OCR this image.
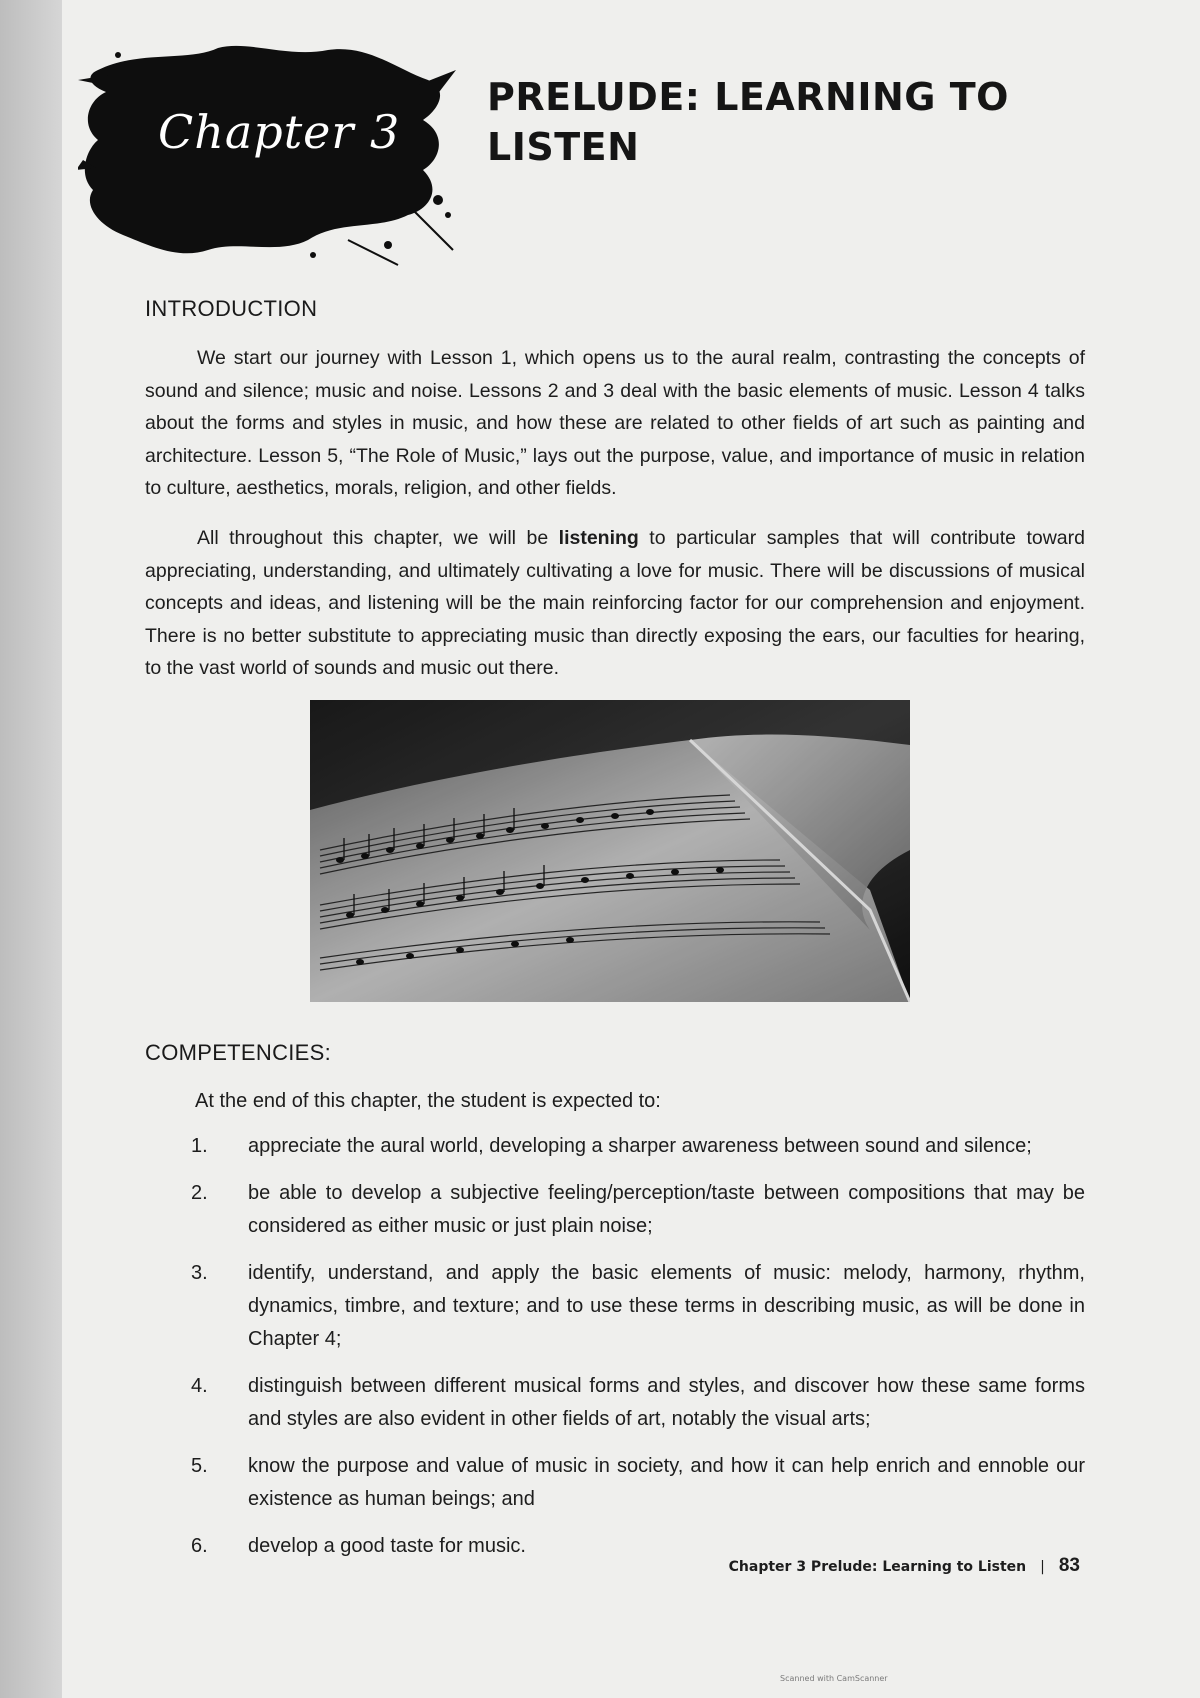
Chapter 3
PRELUDE: LEARNING TO
LISTEN
INTRODUCTION

We start our journey with Lesson 1, which opens us to the aural realm, contrasting the concepts of sound and silence; music and noise. Lessons 2 and 3 deal with the basic elements of music. Lesson 4 talks about the forms and styles in music, and how these are related to other fields of art such as painting and architecture. Lesson 5, “The Role of Music,” lays out the purpose, value, and importance of music in relation to culture, aesthetics, morals, religion, and other fields.

All throughout this chapter, we will be listening to particular samples that will contribute toward appreciating, understanding, and ultimately cultivating a love for music. There will be discussions of musical concepts and ideas, and listening will be the main reinforcing factor for our comprehension and enjoyment. There is no better substitute to appreciating music than directly exposing the ears, our faculties for hearing, to the vast world of sounds and music out there.

COMPETENCIES:
At the end of this chapter, the student is expected to:
1. appreciate the aural world, developing a sharper awareness between sound and silence;
2. be able to develop a subjective feeling/perception/taste between compositions that may be considered as either music or just plain noise;
3. identify, understand, and apply the basic elements of music: melody, harmony, rhythm, dynamics, timbre, and texture; and to use these terms in describing music, as will be done in Chapter 4;
4. distinguish between different musical forms and styles, and discover how these same forms and styles are also evident in other fields of art, notably the visual arts;
5. know the purpose and value of music in society, and how it can help enrich and ennoble our existence as human beings; and
6. develop a good taste for music.
Chapter 3 Prelude: Learning to Listen | 83
Scanned with CamScanner
